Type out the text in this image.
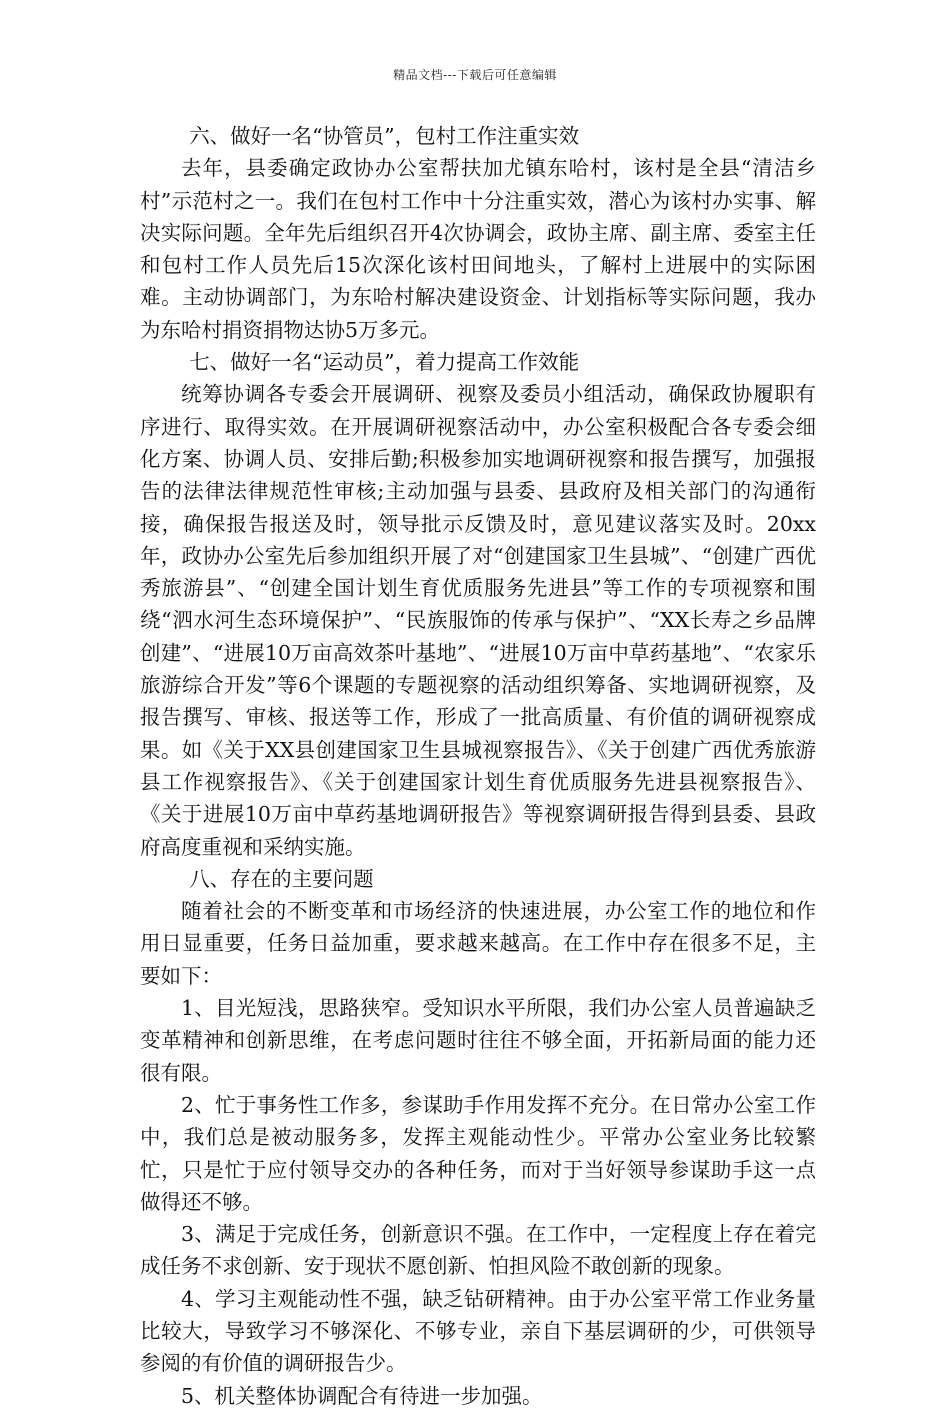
精品文档---下载后可任意编辑

六、做好一名“协管员”，包村工作注重实效

去年，县委确定政协办公室帮扶加尤镇东哈村，该村是全县“清洁乡村”示范村之一。我们在包村工作中十分注重实效，潜心为该村办实事、解决实际问题。全年先后组织召开4次协调会，政协主席、副主席、委室主任和包村工作人员先后15次深化该村田间地头，了解村上进展中的实际困难。主动协调部门，为东哈村解决建设资金、计划指标等实际问题，我办为东哈村捐资捐物达协5万多元。

七、做好一名“运动员”，着力提高工作效能

统筹协调各专委会开展调研、视察及委员小组活动，确保政协履职有序进行、取得实效。在开展调研视察活动中，办公室积极配合各专委会细化方案、协调人员、安排后勤;积极参加实地调研视察和报告撰写，加强报告的法律法律规范性审核;主动加强与县委、县政府及相关部门的沟通衔接，确保报告报送及时，领导批示反馈及时，意见建议落实及时。20xx年，政协办公室先后参加组织开展了对“创建国家卫生县城”、“创建广西优秀旅游县”、“创建全国计划生育优质服务先进县”等工作的专项视察和围绕“泗水河生态环境保护”、“民族服饰的传承与保护”、“XX长寿之乡品牌创建”、“进展10万亩高效茶叶基地”、“进展10万亩中草药基地”、“农家乐旅游综合开发”等6个课题的专题视察的活动组织筹备、实地调研视察，及报告撰写、审核、报送等工作，形成了一批高质量、有价值的调研视察成果。如《关于XX县创建国家卫生县城视察报告》、《关于创建广西优秀旅游县工作视察报告》、《关于创建国家计划生育优质服务先进县视察报告》、《关于进展10万亩中草药基地调研报告》等视察调研报告得到县委、县政府高度重视和采纳实施。

八、存在的主要问题

随着社会的不断变革和市场经济的快速进展，办公室工作的地位和作用日显重要，任务日益加重，要求越来越高。在工作中存在很多不足，主要如下：

1、目光短浅，思路狭窄。受知识水平所限，我们办公室人员普遍缺乏变革精神和创新思维，在考虑问题时往往不够全面，开拓新局面的能力还很有限。

2、忙于事务性工作多，参谋助手作用发挥不充分。在日常办公室工作中，我们总是被动服务多，发挥主观能动性少。平常办公室业务比较繁忙，只是忙于应付领导交办的各种任务，而对于当好领导参谋助手这一点做得还不够。

3、满足于完成任务，创新意识不强。在工作中，一定程度上存在着完成任务不求创新、安于现状不愿创新、怕担风险不敢创新的现象。

4、学习主观能动性不强，缺乏钻研精神。由于办公室平常工作业务量比较大，导致学习不够深化、不够专业，亲自下基层调研的少，可供领导参阅的有价值的调研报告少。

5、机关整体协调配合有待进一步加强。
